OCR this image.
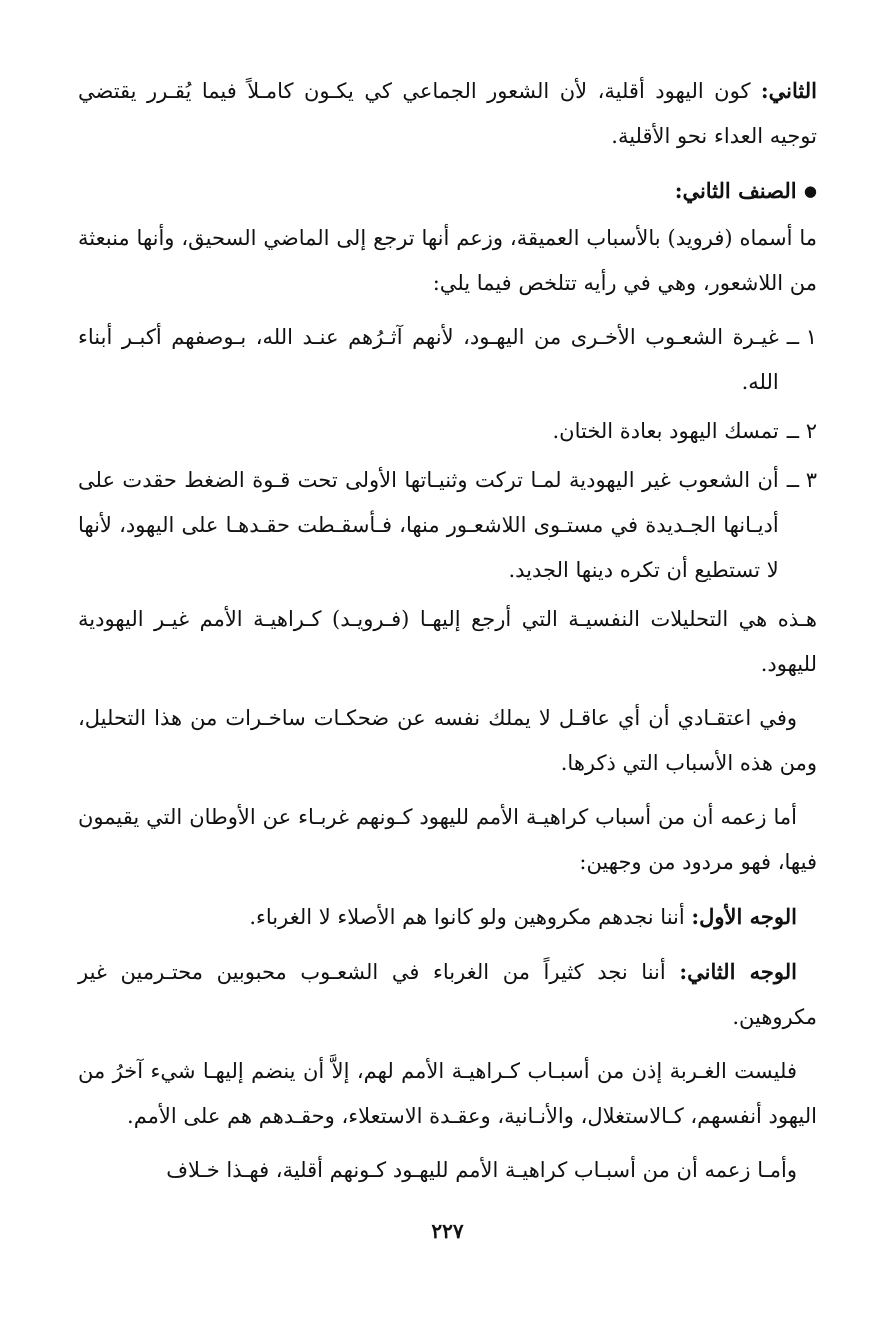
الثاني: كون اليهود أقلية، لأن الشعور الجماعي كي يكـون كامـلاً فيما يُقـرر يقتضي توجيه العداء نحو الأقلية.

● الصنف الثاني:

ما أسماه (فرويد) بالأسباب العميقة، وزعم أنها ترجع إلى الماضي السحيق، وأنها منبعثة من اللاشعور، وهي في رأيه تتلخص فيما يلي:

١ ــ
غيـرة الشعـوب الأخـرى من اليهـود، لأنهم آثـرُهم عنـد الله، بـوصفهم أكبـر أبناء الله.
٢ ــ
تمسك اليهود بعادة الختان.
٣ ــ
أن الشعوب غير اليهودية لمـا تركت وثنيـاتها الأولى تحت قـوة الضغط حقدت على أديـانها الجـديدة في مستـوى اللاشعـور منها، فـأسقـطت حقـدهـا على اليهود، لأنها لا تستطيع أن تكره دينها الجديد.

هـذه هي التحليلات النفسيـة التي أرجع إليهـا (فـرويـد) كـراهيـة الأمم غيـر اليهودية لليهود.

وفي اعتقـادي أن أي عاقـل لا يملك نفسه عن ضحكـات ساخـرات من هذا التحليل، ومن هذه الأسباب التي ذكرها.

أما زعمه أن من أسباب كراهيـة الأمم لليهود كـونهم غربـاء عن الأوطان التي يقيمون فيها، فهو مردود من وجهين:

الوجه الأول: أننا نجدهم مكروهين ولو كانوا هم الأصلاء لا الغرباء.

الوجه الثاني: أننا نجد كثيراً من الغرباء في الشعـوب محبوبين محتـرمين غير مكروهين.

فليست الغـربة إذن من أسبـاب كـراهيـة الأمم لهم، إلاَّ أن ينضم إليهـا شيء آخرُ من اليهود أنفسهم، كـالاستغلال، والأنـانية، وعقـدة الاستعلاء، وحقـدهم هم على الأمم.

وأمـا زعمه أن من أسبـاب كراهيـة الأمم لليهـود كـونهم أقلية، فهـذا خـلاف

٢٢٧
